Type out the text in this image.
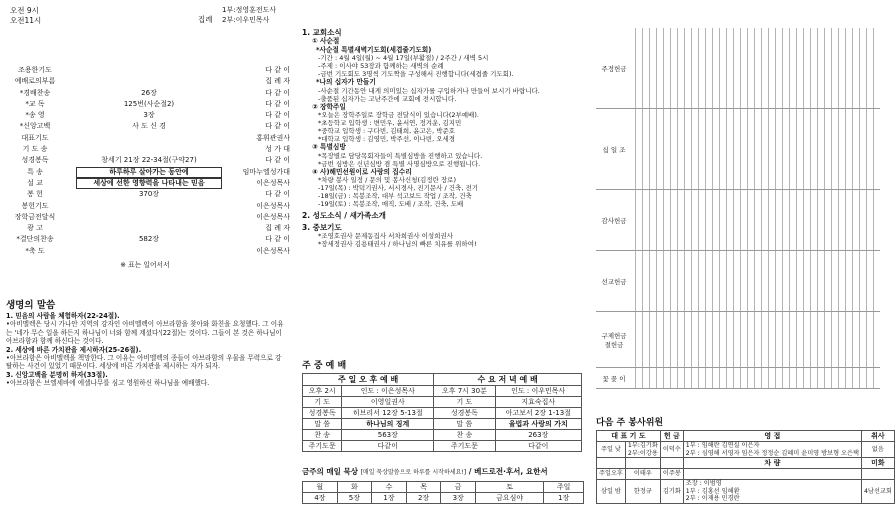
오전 9시
오전11시	집례
1부:정영훈전도사
2부:이우민목사
조용한기도	다 같 이
예배로의부름	집 례 자
*경배찬송	26장	다 같 이
*교 독	125번(사순절2)	다 같 이
*송 영	3장	다 같 이
*신앙고백	사 도 신 경	다 같 이
대표기도	홍휘관권사
기 도 송	성 가 대
성경봉독	창세기 21장 22-34절(구약27)	다 같 이
특 송	하루하루 살아가는 동안에	임마누엘성가대
설 교	세상에 선한 영향력을 나타내는 믿음	이은성목사
봉 헌	370장	다 같 이
봉헌기도	이은성목사
장학금전달식	이은성목사
광 고	집 례 자
*결단의찬송	582장	다 같 이
*축 도	이은성목사
※ 표는 일어서서
생명의 말씀
1. 믿음의 사람을 체험하자(22-24절).
•아비멜렉은 당시 가나안 지역의 강자인 아비멜렉이 아브라함을 찾아와 화친을 요청했다. 그 이유는 '네가 무슨 일을 하든지 하나님이 너와 함께 계셨다'(22절)는 것이다. 그들이 본 것은 하나님이 아브라함과 함께 하신다는 것이다.
2. 세상에 바른 가치관을 제시하자(25-26절).
•아브라함은 아비멜렉을 책망한다. 그 이유는 아비멜렉의 종들이 아브라함의 우물을 무력으로 강탈하는 사건이 있었기 때문이다. 세상에 바른 가치관을 제시하는 자가 되자.
3. 신앙고백을 분명히 하자(33절).
•아브라함은 브엘세바에 에셀나무를 심고 영원하신 하나님을 예배했다.
1. 교회소식
① 사순절
*사순절 특별새벽기도회(세겹줄기도회)
-기간 : 4월 4일(월) ~ 4월 17일(부활절) / 2주간 / 새벽 5시
-주제 : 이사야 53장과 함께하는 새벽의 순례
-금번 기도회도 3명씩 기도짝을 구성해서 진행합니다(세겹줄 기도회).
*나의 십자가 만들기
-사순절 기간동안 내게 의미있는 십자가를 구입하거나 만들어 보시기 바랍니다.
-출품된 십자가는 고난주간에 교회에 전시합니다.
② 장학주일
*오늘은 장학주일로 장학금 전달식이 있습니다(2부예배).
*초등학교 입학생 : 변민우, 윤서연, 정겨운, 김지민
*중학교 입학생 : 구다빈, 김태희, 윤고은, 박준호
*대학교 입학생 : 김영민, 박주선, 이나빈, 오세경
③ 특별심방
*목장별로 담당목회자들이 특별심방을 진행하고 있습니다.
*금번 심방은 신년심방 겸 특별 사명심방으로 진행됩니다.
④ 사)해민선원이로 사랑의 집수리
*차량 봉사 일정 / 문의 및 봉사신청(김정란 장로)
-17일(목) : 박덕기권사, 서시경사, 진기문사 / 건축, 전기
-18일(금) : 목봉조작, 대부 석고보드 작업 / 조작, 건축
-19일(토) : 목봉조작, 매직, 도배 / 조작, 건축, 도배
2. 성도소식 / 새가족소개
3. 중보기도
*조영호권사 문제동집사 서차희권사 이성희권사
*장세정권사 김용태권사 / 하나님의 빠른 치유를 위하여!
주 중 예 배
주 일 오 후 예 배		수 요 저 녁 예 배	
오후 2시	인도 : 이은성목사	오후 7시 30분	인도 : 이우민목사
기 도	이영일권사	기 도	지효숙집사
성경봉독	히브리서 12장 5-13절	성경봉독	아고보서 2장 1-13절
말 씀	하나님의 징계	말 씀	율법과 사랑의 가치
찬 송	563장	찬 송	263장
주기도문	다같이	주기도문	다같이
금주의 매일 묵상 [매일 묵상말씀으로 하루를 시작하세요!] / 베드로전·후서, 요한서
월	화	수	목	금	토	주일
4장	5장	1장	2장	3장	금요심야	1장
주정헌금
십 일 조
감사헌금
선교헌금
구제헌금
절헌금
꽃 꽂 이
다음 주 봉사위원
대 표 기 도		헌 금	영 접	취사
주일 낮	1부:김기화
2부:이강용	이덕수	1부 : 임해란 김연실 이은자
2부 : 심영해 서영자 임은자 정정순 김혜미 윤미영 방보형 오은택	없음
			차 량	미화
주일오후	이태우	이주봉		
삼일 밤	한정규	김기화	조장 : 이범영
1부 : 김홍선 임해환
2부 : 이재용 민경란	4남선교회
